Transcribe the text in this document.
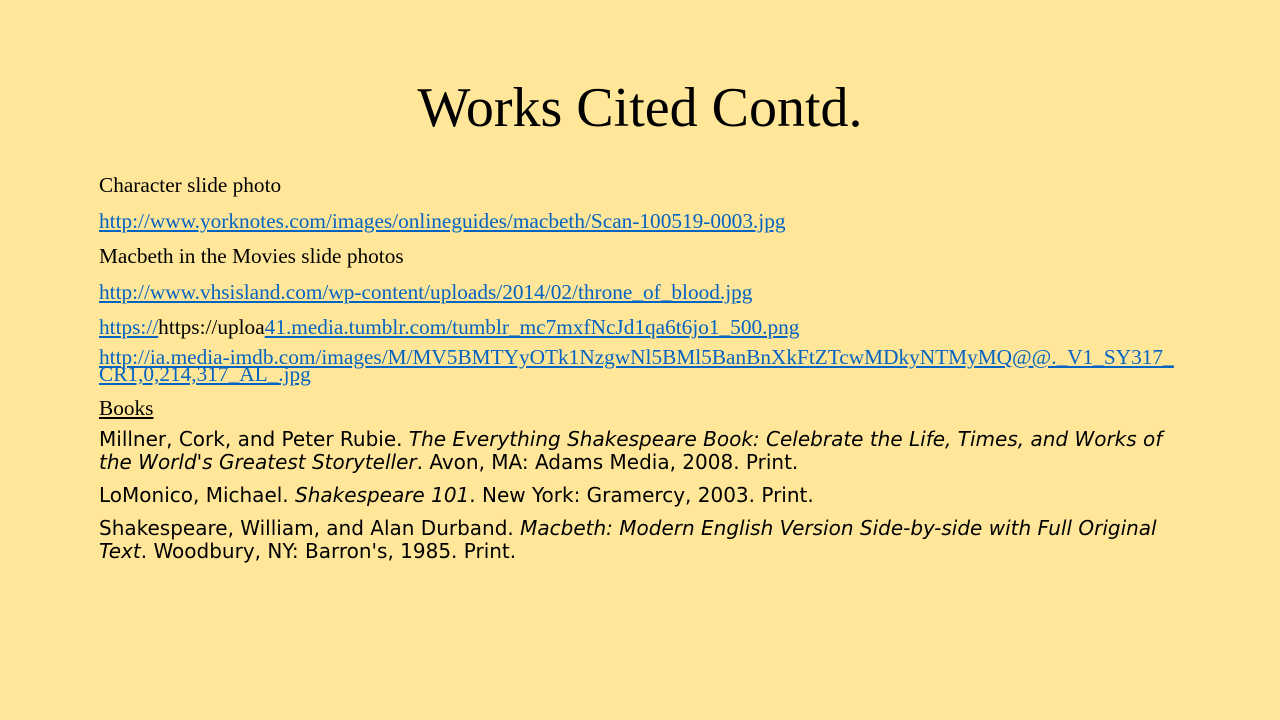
Works Cited Contd.
Character slide photo
http://www.yorknotes.com/images/onlineguides/macbeth/Scan-100519-0003.jpg
Macbeth in the Movies slide photos
http://www.vhsisland.com/wp-content/uploads/2014/02/throne_of_blood.jpg
https://https://uploa41.media.tumblr.com/tumblr_mc7mxfNcJd1qa6t6jo1_500.png
http://ia.media-imdb.com/images/M/MV5BMTYyOTk1NzgwNl5BMl5BanBnXkFtZTcwMDkyNTMyMQ@@._V1_SY317_CR1,0,214,317_AL_.jpg
Books
Millner, Cork, and Peter Rubie. The Everything Shakespeare Book: Celebrate the Life, Times, and Works of the World's Greatest Storyteller. Avon, MA: Adams Media, 2008. Print.
LoMonico, Michael. Shakespeare 101. New York: Gramercy, 2003. Print.
Shakespeare, William, and Alan Durband. Macbeth: Modern English Version Side-by-side with Full Original Text. Woodbury, NY: Barron's, 1985. Print.
